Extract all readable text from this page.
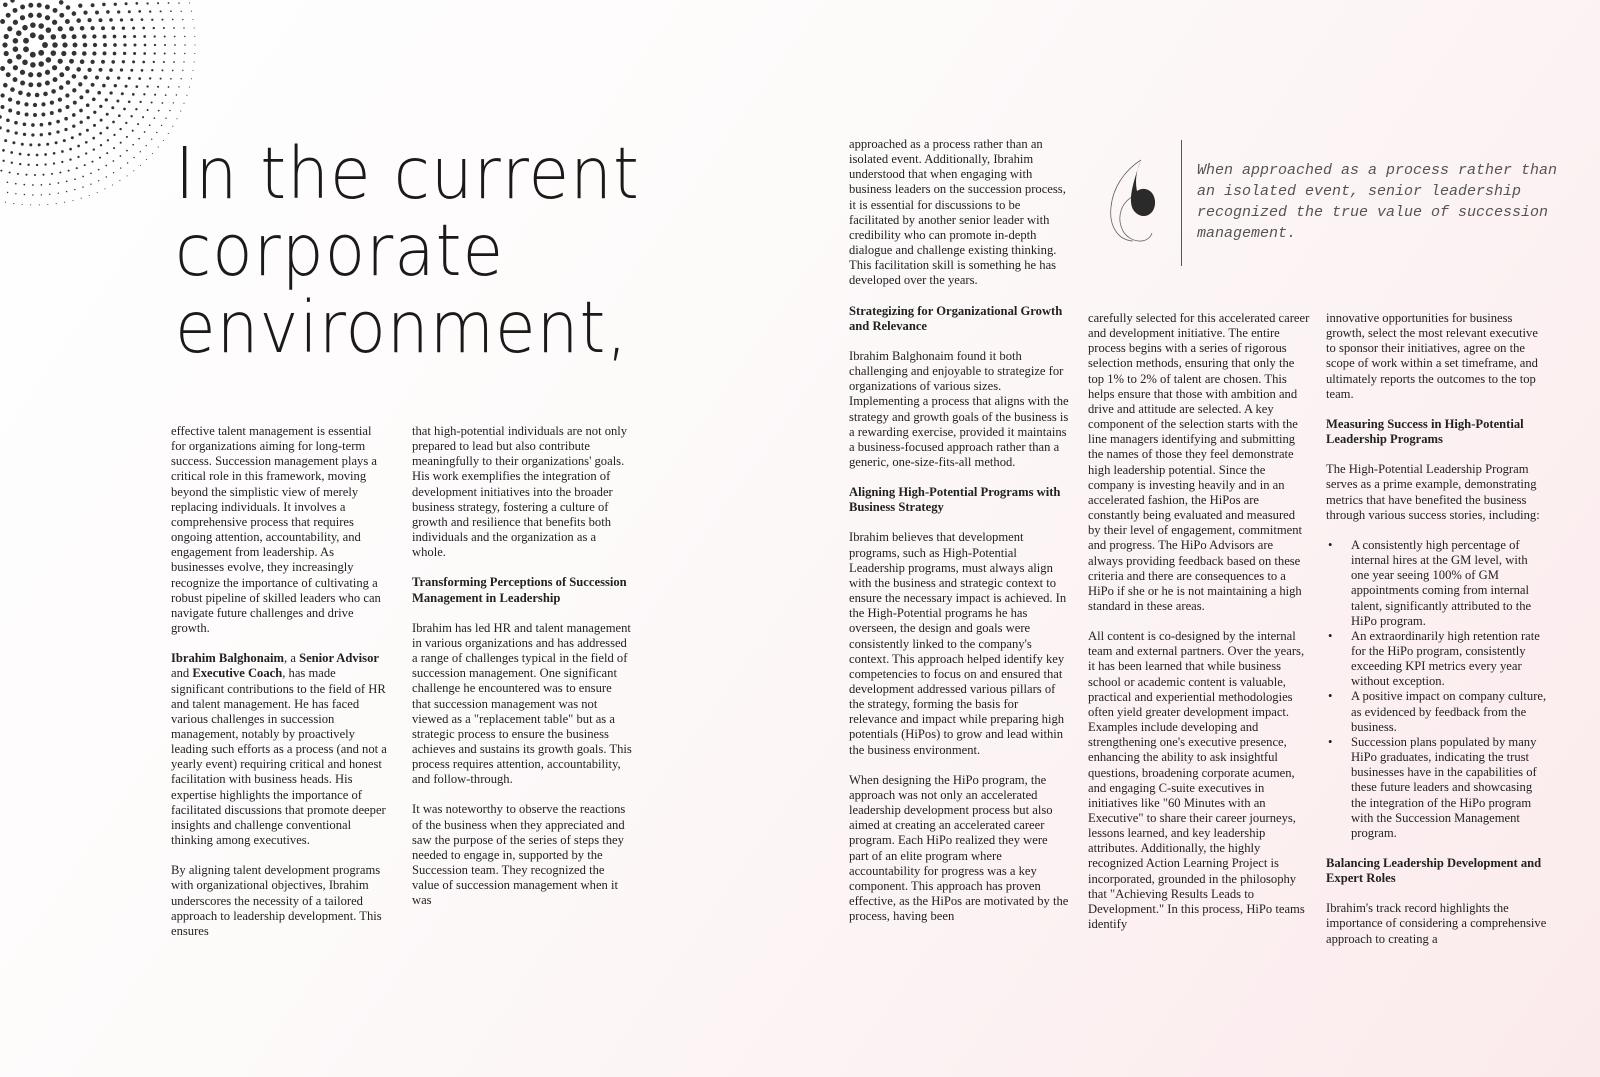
In the current
corporate
environment,

effective talent management is essential for organizations aiming for long-term success. Succession management plays a critical role in this framework, moving beyond the simplistic view of merely replacing individuals. It involves a comprehensive process that requires ongoing attention, accountability, and engagement from leadership. As businesses evolve, they increasingly recognize the importance of cultivating a robust pipeline of skilled leaders who can navigate future challenges and drive growth.

Ibrahim Balghonaim, a Senior Advisor and Executive Coach, has made significant contributions to the field of HR and talent management. He has faced various challenges in succession management, notably by proactively leading such efforts as a process (and not a yearly event) requiring critical and honest facilitation with business heads. His expertise highlights the importance of facilitated discussions that promote deeper insights and challenge conventional thinking among executives.

By aligning talent development programs with organizational objectives, Ibrahim underscores the necessity of a tailored approach to leadership development. This ensures

that high-potential individuals are not only prepared to lead but also contribute meaningfully to their organizations' goals. His work exemplifies the integration of development initiatives into the broader business strategy, fostering a culture of growth and resilience that benefits both individuals and the organization as a whole.

Transforming Perceptions of Succession Management in Leadership

Ibrahim has led HR and talent management in various organizations and has addressed a range of challenges typical in the field of succession management. One significant challenge he encountered was to ensure that succession management was not viewed as a "replacement table" but as a strategic process to ensure the business achieves and sustains its growth goals. This process requires attention, accountability, and follow-through.

It was noteworthy to observe the reactions of the business when they appreciated and saw the purpose of the series of steps they needed to engage in, supported by the Succession team. They recognized the value of succession management when it was

approached as a process rather than an isolated event. Additionally, Ibrahim understood that when engaging with business leaders on the succession process, it is essential for discussions to be facilitated by another senior leader with credibility who can promote in-depth dialogue and challenge existing thinking. This facilitation skill is something he has developed over the years.

Strategizing for Organizational Growth and Relevance

Ibrahim Balghonaim found it both challenging and enjoyable to strategize for organizations of various sizes. Implementing a process that aligns with the strategy and growth goals of the business is a rewarding exercise, provided it maintains a business-focused approach rather than a generic, one-size-fits-all method.

Aligning High-Potential Programs with Business Strategy

Ibrahim believes that development programs, such as High-Potential Leadership programs, must always align with the business and strategic context to ensure the necessary impact is achieved. In the High-Potential programs he has overseen, the design and goals were consistently linked to the company's context. This approach helped identify key competencies to focus on and ensured that development addressed various pillars of the strategy, forming the basis for relevance and impact while preparing high potentials (HiPos) to grow and lead within the business environment.

When designing the HiPo program, the approach was not only an accelerated leadership development process but also aimed at creating an accelerated career program. Each HiPo realized they were part of an elite program where accountability for progress was a key component. This approach has proven effective, as the HiPos are motivated by the process, having been

When approached as a process rather than an isolated event, senior leadership recognized the true value of succession management.

carefully selected for this accelerated career and development initiative. The entire process begins with a series of rigorous selection methods, ensuring that only the top 1% to 2% of talent are chosen. This helps ensure that those with ambition and drive and attitude are selected. A key component of the selection starts with the line managers identifying and submitting the names of those they feel demonstrate high leadership potential. Since the company is investing heavily and in an accelerated fashion, the HiPos are constantly being evaluated and measured by their level of engagement, commitment and progress. The HiPo Advisors are always providing feedback based on these criteria and there are consequences to a HiPo if she or he is not maintaining a high standard in these areas.

All content is co-designed by the internal team and external partners. Over the years, it has been learned that while business school or academic content is valuable, practical and experiential methodologies often yield greater development impact. Examples include developing and strengthening one's executive presence, enhancing the ability to ask insightful questions, broadening corporate acumen, and engaging C-suite executives in initiatives like "60 Minutes with an Executive" to share their career journeys, lessons learned, and key leadership attributes. Additionally, the highly recognized Action Learning Project is incorporated, grounded in the philosophy that "Achieving Results Leads to Development." In this process, HiPo teams identify

innovative opportunities for business growth, select the most relevant executive to sponsor their initiatives, agree on the scope of work within a set timeframe, and ultimately reports the outcomes to the top team.

Measuring Success in High-Potential Leadership Programs

The High-Potential Leadership Program serves as a prime example, demonstrating metrics that have benefited the business through various success stories, including:

• A consistently high percentage of internal hires at the GM level, with one year seeing 100% of GM appointments coming from internal talent, significantly attributed to the HiPo program.
• An extraordinarily high retention rate for the HiPo program, consistently exceeding KPI metrics every year without exception.
• A positive impact on company culture, as evidenced by feedback from the business.
• Succession plans populated by many HiPo graduates, indicating the trust businesses have in the capabilities of these future leaders and showcasing the integration of the HiPo program with the Succession Management program.
Balancing Leadership Development and Expert Roles

Ibrahim's track record highlights the importance of considering a comprehensive approach to creating a
